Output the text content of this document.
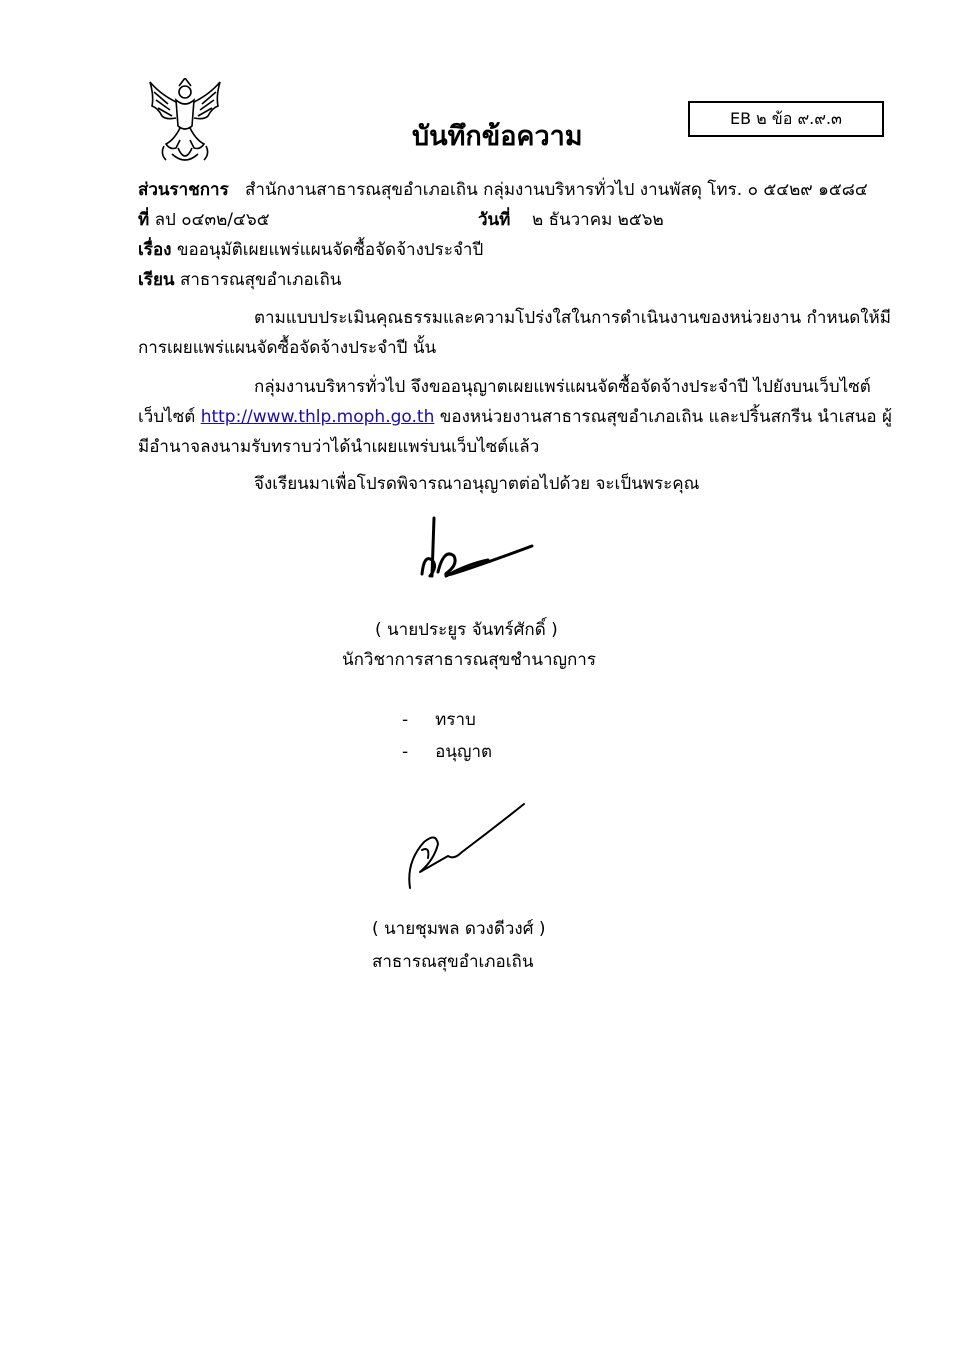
EB ๒ ข้อ ๙.๙.๓
บันทึกข้อความ
ส่วนราชการ สำนักงานสาธารณสุขอำเภอเถิน กลุ่มงานบริหารทั่วไป งานพัสดุ โทร. ๐ ๕๔๒๙ ๑๕๘๔
ที่ ลป ๐๔๓๒/๔๖๕	วันที่ ๒ ธันวาคม ๒๕๖๒
เรื่อง ขออนุมัติเผยแพร่แผนจัดซื้อจัดจ้างประจำปี
เรียน สาธารณสุขอำเภอเถิน
ตามแบบประเมินคุณธรรมและความโปร่งใสในการดำเนินงานของหน่วยงาน กำหนดให้มี
การเผยแพร่แผนจัดซื้อจัดจ้างประจำปี นั้น
กลุ่มงานบริหารทั่วไป จึงขออนุญาตเผยแพร่แผนจัดซื้อจัดจ้างประจำปี ไปยังบนเว็บไซต์
เว็บไซต์ http://www.thlp.moph.go.th ของหน่วยงานสาธารณสุขอำเภอเถิน และปริ้นสกรีน นำเสนอ ผู้
มีอำนาจลงนามรับทราบว่าได้นำเผยแพร่บนเว็บไซต์แล้ว
จึงเรียนมาเพื่อโปรดพิจารณาอนุญาตต่อไปด้วย จะเป็นพระคุณ
( นายประยูร จันทร์ศักดิ์ )
นักวิชาการสาธารณสุขชำนาญการ
- ทราบ
- อนุญาต
( นายชุมพล ดวงดีวงศ์ )
สาธารณสุขอำเภอเถิน
